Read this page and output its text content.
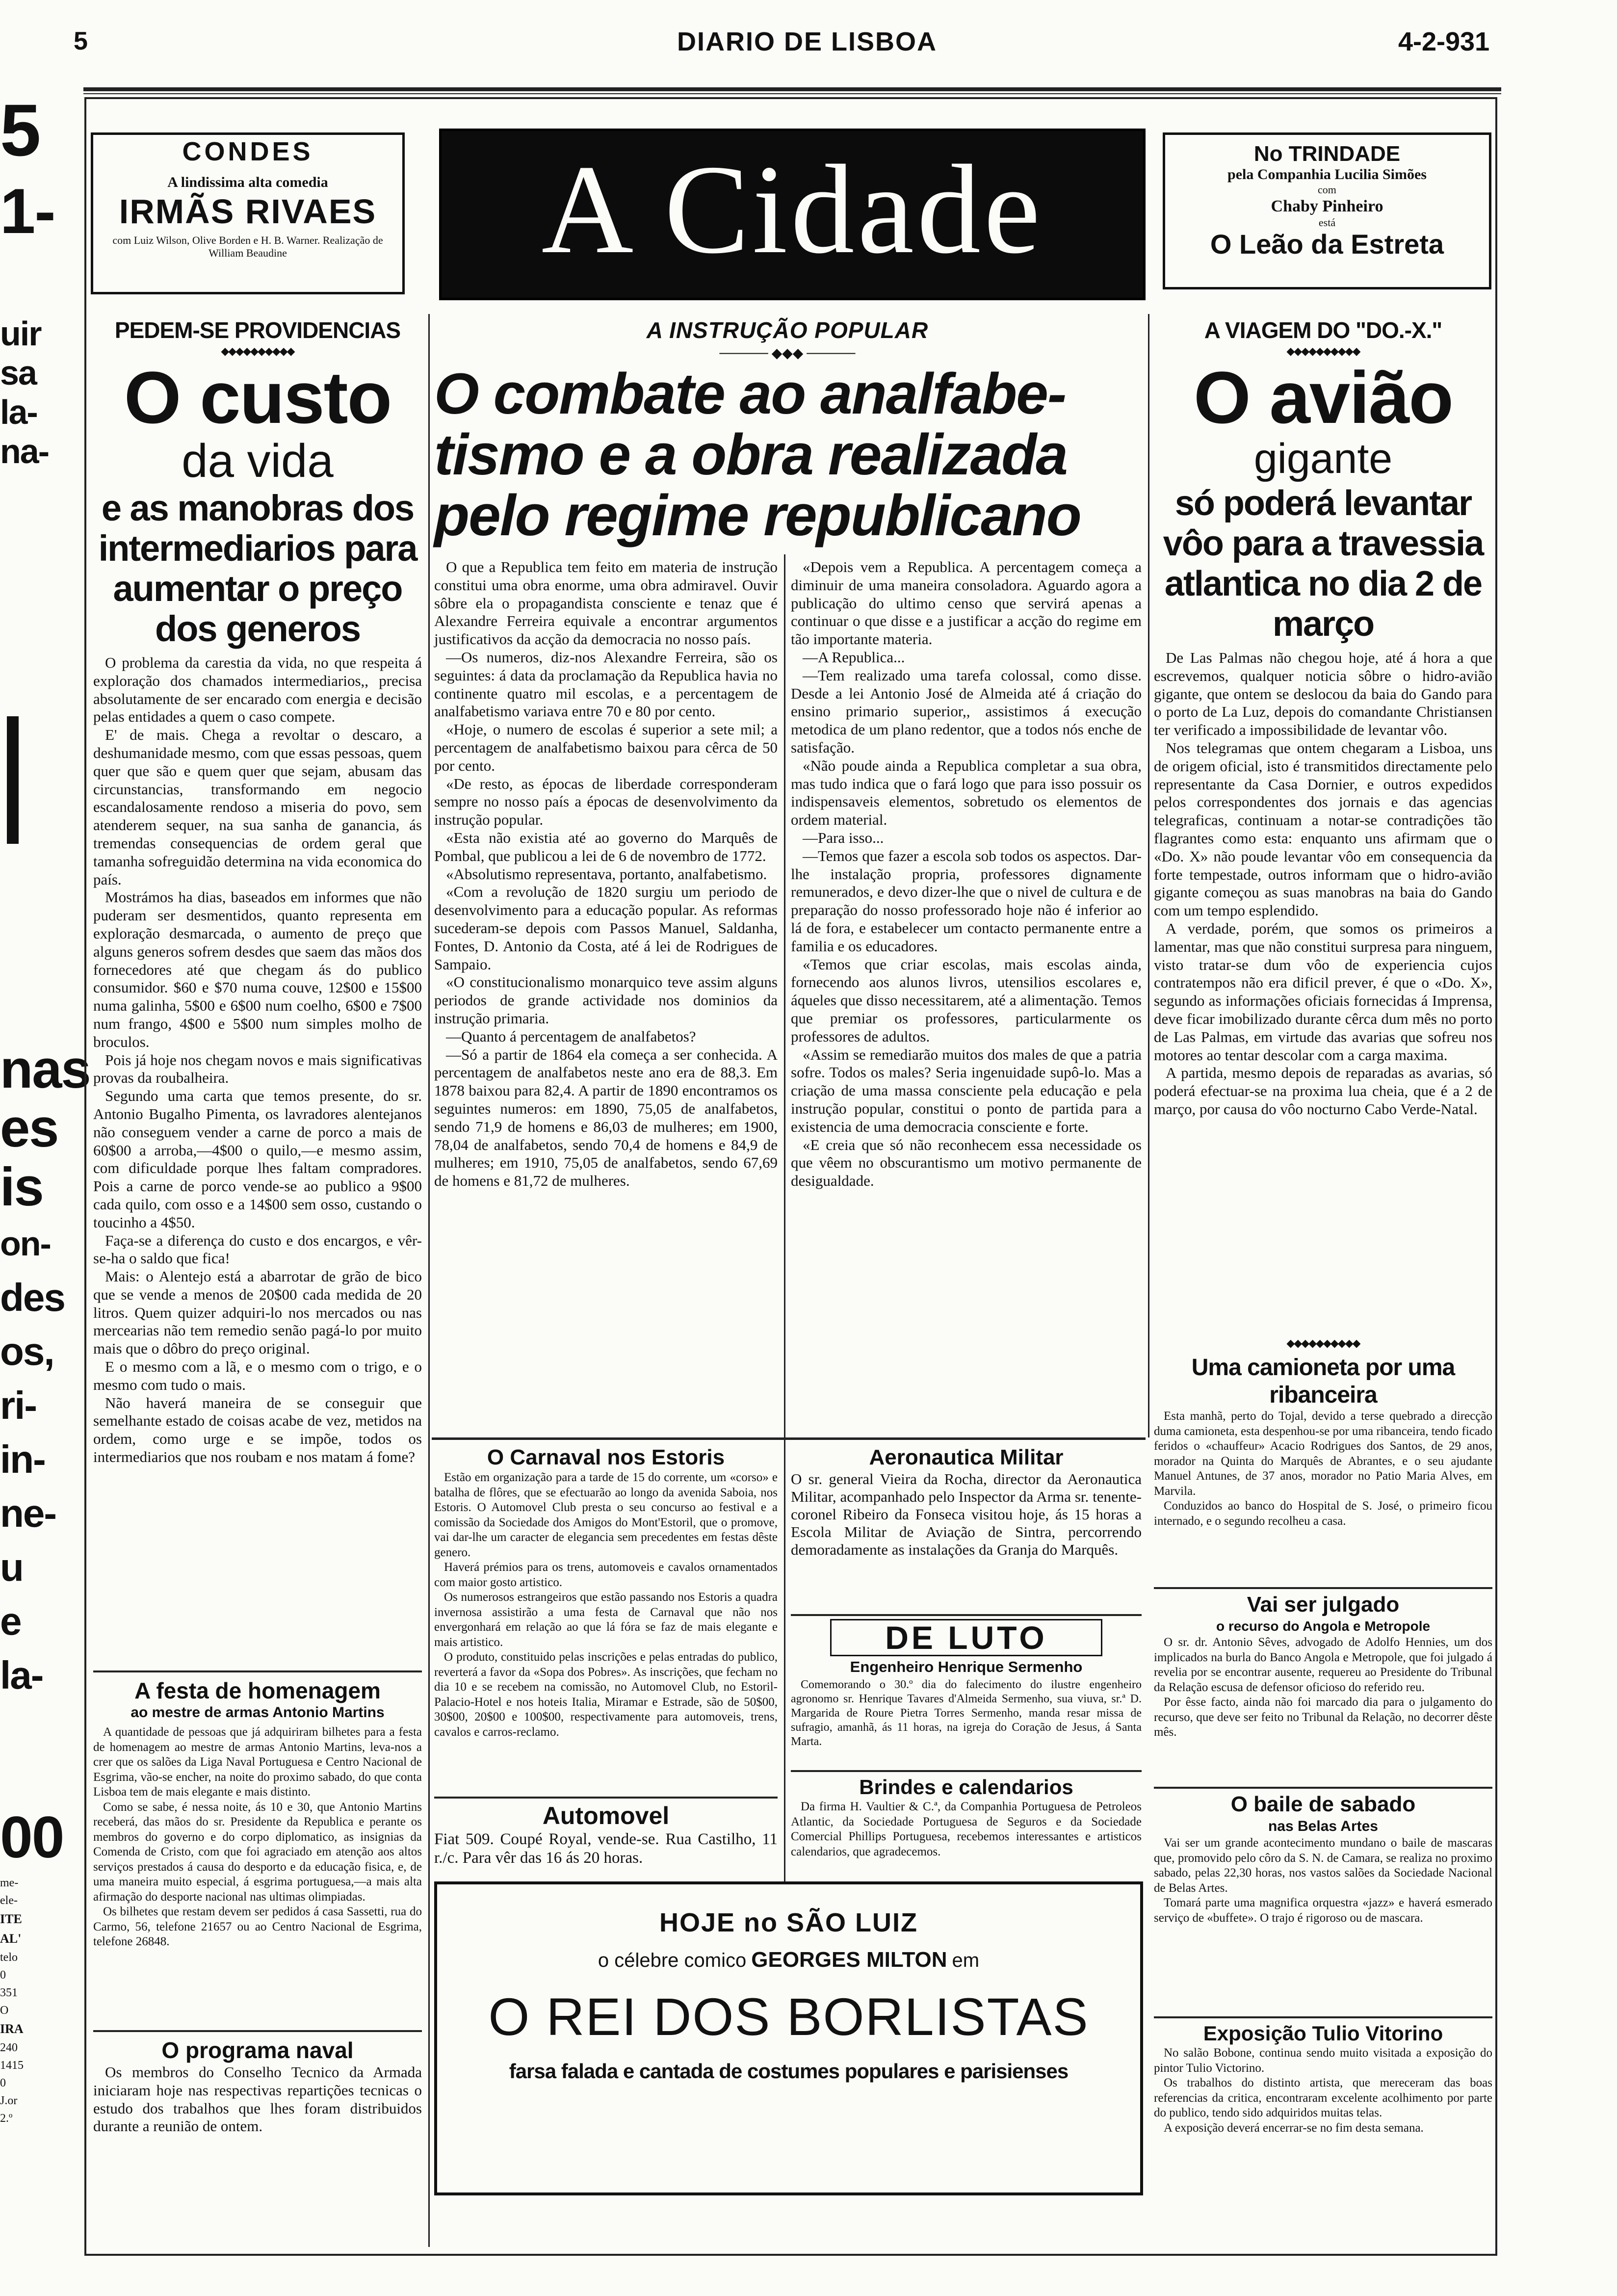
5	DIARIO DE LISBOA	4-2-931
5
1-
uir
sa
la-
na-
nas
es
is
on-
des
os,
ri-
in-
ne-
u e
la-
00
me-
ele-
ITE
AL'
telo
0
351
O
IRA
240
1415
0
J.or
2.º
CONDES
A lindissima alta comedia
IRMÃS RIVAES
com Luiz Wilson, Olive Borden e H. B. Warner. Realização de William Beaudine	A Cidade	No TRINDADE
pela Companhia Lucilia Simões
com
Chaby Pinheiro
está
O Leão da Estreta
PEDEM-SE PROVIDENCIAS
◆◆◆◆◆◆◆◆◆◆
O custo
da vida
e as manobras dos intermediarios para aumentar o preço dos generos

O problema da carestia da vida, no que respeita á exploração dos chamados intermediarios,, precisa absolutamente de ser encarado com energia e decisão pelas entidades a quem o caso compete.

E' de mais. Chega a revoltar o descaro, a deshumanidade mesmo, com que essas pessoas, quem quer que são e quem quer que sejam, abusam das circunstancias, transformando em negocio escandalosamente rendoso a miseria do povo, sem atenderem sequer, na sua sanha de ganancia, ás tremendas consequencias de ordem geral que tamanha sofreguidão determina na vida economica do país.

Mostrámos ha dias, baseados em informes que não puderam ser desmentidos, quanto representa em exploração desmarcada, o aumento de preço que alguns generos sofrem desdes que saem das mãos dos fornecedores até que chegam ás do publico consumidor. $60 e $70 numa couve, 12$00 e 15$00 numa galinha, 5$00 e 6$00 num coelho, 6$00 e 7$00 num frango, 4$00 e 5$00 num simples molho de broculos.

Pois já hoje nos chegam novos e mais significativas provas da roubalheira.

Segundo uma carta que temos presente, do sr. Antonio Bugalho Pimenta, os lavradores alentejanos não conseguem vender a carne de porco a mais de 60$00 a arroba,—4$00 o quilo,—e mesmo assim, com dificuldade porque lhes faltam compradores. Pois a carne de porco vende-se ao publico a 9$00 cada quilo, com osso e a 14$00 sem osso, custando o toucinho a 4$50.

Faça-se a diferença do custo e dos encargos, e vêr-se-ha o saldo que fica!

Mais: o Alentejo está a abarrotar de grão de bico que se vende a menos de 20$00 cada medida de 20 litros. Quem quizer adquiri-lo nos mercados ou nas mercearias não tem remedio senão pagá-lo por muito mais que o dôbro do preço original.

E o mesmo com a lã, e o mesmo com o trigo, e o mesmo com tudo o mais.

Não haverá maneira de se conseguir que semelhante estado de coisas acabe de vez, metidos na ordem, como urge e se impõe, todos os intermediarios que nos roubam e nos matam á fome?

A festa de homenagem
ao mestre de armas Antonio Martins

A quantidade de pessoas que já adquiriram bilhetes para a festa de homenagem ao mestre de armas Antonio Martins, leva-nos a crer que os salões da Liga Naval Portuguesa e Centro Nacional de Esgrima, vão-se encher, na noite do proximo sabado, do que conta Lisboa tem de mais elegante e mais distinto.

Como se sabe, é nessa noite, ás 10 e 30, que Antonio Martins receberá, das mãos do sr. Presidente da Republica e perante os membros do governo e do corpo diplomatico, as insignias da Comenda de Cristo, com que foi agraciado em atenção aos altos serviços prestados á causa do desporto e da educação fisica, e, de uma maneira muito especial, á esgrima portuguesa,—a mais alta afirmação do desporte nacional nas ultimas olimpiadas.

Os bilhetes que restam devem ser pedidos á casa Sassetti, rua do Carmo, 56, telefone 21657 ou ao Centro Nacional de Esgrima, telefone 26848.

O programa naval

Os membros do Conselho Tecnico da Armada iniciaram hoje nas respectivas repartições tecnicas o estudo dos trabalhos que lhes foram distribuidos durante a reunião de ontem.

A INSTRUÇÃO POPULAR
───── ◆◆◆ ─────
O combate ao analfabe-
tismo e a obra realizada
pelo regime republicano

O que a Republica tem feito em materia de instrução constitui uma obra enorme, uma obra admiravel. Ouvir sôbre ela o propagandista consciente e tenaz que é Alexandre Ferreira equivale a encontrar argumentos justificativos da acção da democracia no nosso país.

—Os numeros, diz-nos Alexandre Ferreira, são os seguintes: á data da proclamação da Republica havia no continente quatro mil escolas, e a percentagem de analfabetismo variava entre 70 e 80 por cento.

«Hoje, o numero de escolas é superior a sete mil; a percentagem de analfabetismo baixou para cêrca de 50 por cento.

«De resto, as épocas de liberdade corresponderam sempre no nosso país a épocas de desenvolvimento da instrução popular.

«Esta não existia até ao governo do Marquês de Pombal, que publicou a lei de 6 de novembro de 1772.

«Absolutismo representava, portanto, analfabetismo.

«Com a revolução de 1820 surgiu um periodo de desenvolvimento para a educação popular. As reformas sucederam-se depois com Passos Manuel, Saldanha, Fontes, D. Antonio da Costa, até á lei de Rodrigues de Sampaio.

«O constitucionalismo monarquico teve assim alguns periodos de grande actividade nos dominios da instrução primaria.

—Quanto á percentagem de analfabetos?

—Só a partir de 1864 ela começa a ser conhecida. A percentagem de analfabetos neste ano era de 88,3. Em 1878 baixou para 82,4. A partir de 1890 encontramos os seguintes numeros: em 1890, 75,05 de analfabetos, sendo 71,9 de homens e 86,03 de mulheres; em 1900, 78,04 de analfabetos, sendo 70,4 de homens e 84,9 de mulheres; em 1910, 75,05 de analfabetos, sendo 67,69 de homens e 81,72 de mulheres.

«Depois vem a Republica. A percentagem começa a diminuir de uma maneira consoladora. Aguardo agora a publicação do ultimo censo que servirá apenas a continuar o que disse e a justificar a acção do regime em tão importante materia.

—A Republica...

—Tem realizado uma tarefa colossal, como disse. Desde a lei Antonio José de Almeida até á criação do ensino primario superior,, assistimos á execução metodica de um plano redentor, que a todos nós enche de satisfação.

«Não poude ainda a Republica completar a sua obra, mas tudo indica que o fará logo que para isso possuir os indispensaveis elementos, sobretudo os elementos de ordem material.

—Para isso...

—Temos que fazer a escola sob todos os aspectos. Dar-lhe instalação propria, professores dignamente remunerados, e devo dizer-lhe que o nivel de cultura e de preparação do nosso professorado hoje não é inferior ao lá de fora, e estabelecer um contacto permanente entre a familia e os educadores.

«Temos que criar escolas, mais escolas ainda, fornecendo aos alunos livros, utensilios escolares e, áqueles que disso necessitarem, até a alimentação. Temos que premiar os professores, particularmente os professores de adultos.

«Assim se remediarão muitos dos males de que a patria sofre. Todos os males? Seria ingenuidade supô-lo. Mas a criação de uma massa consciente pela educação e pela instrução popular, constitui o ponto de partida para a existencia de uma democracia consciente e forte.

«E creia que só não reconhecem essa necessidade os que vêem no obscurantismo um motivo permanente de desigualdade.

O Carnaval nos Estoris

Estão em organização para a tarde de 15 do corrente, um «corso» e batalha de flôres, que se efectuarão ao longo da avenida Saboia, nos Estoris. O Automovel Club presta o seu concurso ao festival e a comissão da Sociedade dos Amigos do Mont'Estoril, que o promove, vai dar-lhe um caracter de elegancia sem precedentes em festas dêste genero.

Haverá prémios para os trens, automoveis e cavalos ornamentados com maior gosto artistico.

Os numerosos estrangeiros que estão passando nos Estoris a quadra invernosa assistirão a uma festa de Carnaval que não nos envergonhará em relação ao que lá fóra se faz de mais elegante e mais artistico.

O produto, constituido pelas inscrições e pelas entradas do publico, reverterá a favor da «Sopa dos Pobres». As inscrições, que fecham no dia 10 e se recebem na comissão, no Automovel Club, no Estoril-Palacio-Hotel e nos hoteis Italia, Miramar e Estrade, são de 50$00, 30$00, 20$00 e 100$00, respectivamente para automoveis, trens, cavalos e carros-reclamo.

Automovel
Fiat 509. Coupé Royal, vende-se. Rua Castilho, 11 r./c. Para vêr das 16 ás 20 horas.
Aeronautica Militar
O sr. general Vieira da Rocha, director da Aeronautica Militar, acompanhado pelo Inspector da Arma sr. tenente-coronel Ribeiro da Fonseca visitou hoje, ás 15 horas a Escola Militar de Aviação de Sintra, percorrendo demoradamente as instalações da Granja do Marquês.
DE LUTO
Engenheiro Henrique Sermenho
Comemorando o 30.º dia do falecimento do ilustre engenheiro agronomo sr. Henrique Tavares d'Almeida Sermenho, sua viuva, sr.ª D. Margarida de Roure Pietra Torres Sermenho, manda resar missa de sufragio, amanhã, ás 11 horas, na igreja do Coração de Jesus, á Santa Marta.
Brindes e calendarios
Da firma H. Vaultier & C.ª, da Companhia Portuguesa de Petroleos Atlantic, da Sociedade Portuguesa de Seguros e da Sociedade Comercial Phillips Portuguesa, recebemos interessantes e artisticos calendarios, que agradecemos.
HOJE no SÃO LUIZ
o célebre comico GEORGES MILTON em
O REI DOS BORLISTAS
farsa falada e cantada de costumes populares e parisienses
A VIAGEM DO "DO.-X."
◆◆◆◆◆◆◆◆◆◆
O avião
gigante
só poderá levantar vôo para a travessia atlantica no dia 2 de março

De Las Palmas não chegou hoje, até á hora a que escrevemos, qualquer noticia sôbre o hidro-avião gigante, que ontem se deslocou da baia do Gando para o porto de La Luz, depois do comandante Christiansen ter verificado a impossibilidade de levantar vôo.

Nos telegramas que ontem chegaram a Lisboa, uns de origem oficial, isto é transmitidos directamente pelo representante da Casa Dornier, e outros expedidos pelos correspondentes dos jornais e das agencias telegraficas, continuam a notar-se contradições tão flagrantes como esta: enquanto uns afirmam que o «Do. X» não poude levantar vôo em consequencia da forte tempestade, outros informam que o hidro-avião gigante começou as suas manobras na baia do Gando com um tempo esplendido.

A verdade, porém, que somos os primeiros a lamentar, mas que não constitui surpresa para ninguem, visto tratar-se dum vôo de experiencia cujos contratempos não era dificil prever, é que o «Do. X», segundo as informações oficiais fornecidas á Imprensa, deve ficar imobilizado durante cêrca dum mês no porto de Las Palmas, em virtude das avarias que sofreu nos motores ao tentar descolar com a carga maxima.

A partida, mesmo depois de reparadas as avarias, só poderá efectuar-se na proxima lua cheia, que é a 2 de março, por causa do vôo nocturno Cabo Verde-Natal.

◆◆◆◆◆◆◆◆◆◆
Uma camioneta por uma ribanceira

Esta manhã, perto do Tojal, devido a terse quebrado a direcção duma camioneta, esta despenhou-se por uma ribanceira, tendo ficado feridos o «chauffeur» Acacio Rodrigues dos Santos, de 29 anos, morador na Quinta do Marquês de Abrantes, e o seu ajudante Manuel Antunes, de 37 anos, morador no Patio Maria Alves, em Marvila.

Conduzidos ao banco do Hospital de S. José, o primeiro ficou internado, e o segundo recolheu a casa.

Vai ser julgado
o recurso do Angola e Metropole

O sr. dr. Antonio Sêves, advogado de Adolfo Hennies, um dos implicados na burla do Banco Angola e Metropole, que foi julgado á revelia por se encontrar ausente, requereu ao Presidente do Tribunal da Relação escusa de defensor oficioso do referido reu.

Por êsse facto, ainda não foi marcado dia para o julgamento do recurso, que deve ser feito no Tribunal da Relação, no decorrer dêste mês.

O baile de sabado
nas Belas Artes

Vai ser um grande acontecimento mundano o baile de mascaras que, promovido pelo côro da S. N. de Camara, se realiza no proximo sabado, pelas 22,30 horas, nos vastos salões da Sociedade Nacional de Belas Artes.

Tomará parte uma magnifica orquestra «jazz» e haverá esmerado serviço de «buffete». O trajo é rigoroso ou de mascara.

Exposição Tulio Vitorino

No salão Bobone, continua sendo muito visitada a exposição do pintor Tulio Victorino.

Os trabalhos do distinto artista, que mereceram das boas referencias da critica, encontraram excelente acolhimento por parte do publico, tendo sido adquiridos muitas telas.

A exposição deverá encerrar-se no fim desta semana.
